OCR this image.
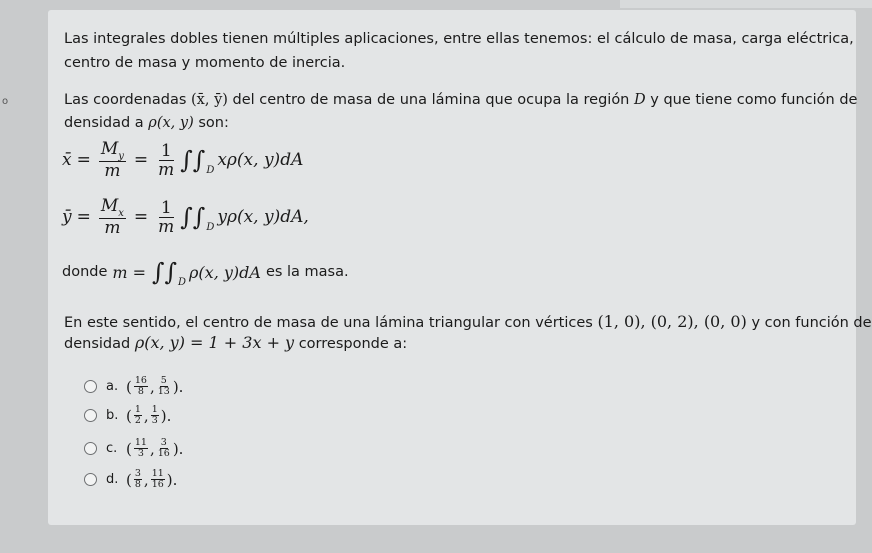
o
Las integrales dobles tienen múltiples aplicaciones, entre ellas tenemos: el cálculo de masa, carga eléctrica,
centro de masa y momento de inercia.
Las coordenadas (x̄, ȳ) del centro de masa de una lámina que ocupa la región D y que tiene como función de
densidad a ρ(x, y) son:
x̄ = $\frac{M_y}{m} = \frac{1}{m}$ ∫∫ D xρ(x, y)dA
ȳ = $\frac{M_x}{m} = \frac{1}{m}$ ∫∫ D yρ(x, y)dA,
donde m = ∫∫ D
ρ(x, y)dA es la masa.
En este sentido, el centro de masa de una lámina triangular con vértices (1, 0), (0, 2), (0, 0) y con función de
densidad ρ(x, y) = 1 + 3x + y corresponde a:
a. ( $\frac{16}{8}$ , $\frac{5}{13}$ ).
b. ( $\frac{1}{2}$ , $\frac{1}{3}$ ).
c. ( $\frac{11}{3}$ , $\frac{3}{16}$ ).
d. ( $\frac{3}{8}$ , $\frac{11}{16}$ ).
